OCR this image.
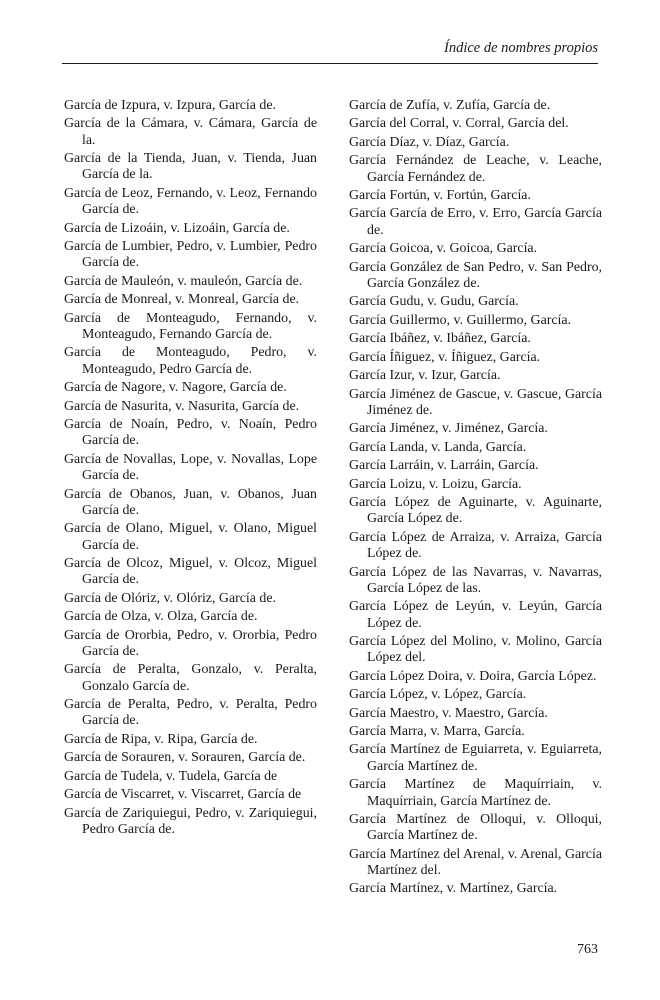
Índice de nombres propios

García de Izpura, v. Izpura, García de.

García de la Cámara, v. Cámara, García de la.

García de la Tienda, Juan, v. Tienda, Juan García de la.

García de Leoz, Fernando, v. Leoz, Fernando García de.

García de Lizoáin, v. Lizoáin, García de.

García de Lumbier, Pedro, v. Lumbier, Pedro García de.

García de Mauleón, v. mauleón, García de.

García de Monreal, v. Monreal, García de.

García de Monteagudo, Fernando, v. Monteagudo, Fernando García de.

García de Monteagudo, Pedro, v. Monteagudo, Pedro García de.

García de Nagore, v. Nagore, García de.

García de Nasurita, v. Nasurita, García de.

García de Noaín, Pedro, v. Noaín, Pedro García de.

García de Novallas, Lope, v. Novallas, Lope García de.

García de Obanos, Juan, v. Obanos, Juan García de.

García de Olano, Miguel, v. Olano, Miguel García de.

García de Olcoz, Miguel, v. Olcoz, Miguel García de.

García de Olóriz, v. Olóriz, García de.

García de Olza, v. Olza, García de.

García de Ororbia, Pedro, v. Ororbia, Pedro García de.

García de Peralta, Gonzalo, v. Peralta, Gonzalo García de.

García de Peralta, Pedro, v. Peralta, Pedro García de.

García de Ripa, v. Ripa, García de.

García de Sorauren, v. Sorauren, García de.

García de Tudela, v. Tudela, García de

García de Viscarret, v. Viscarret, García de

García de Zariquiegui, Pedro, v. Zariquiegui, Pedro García de.

García de Zufía, v. Zufía, García de.

García del Corral, v. Corral, García del.

García Díaz, v. Díaz, García.

García Fernández de Leache, v. Leache, García Fernández de.

García Fortún, v. Fortún, García.

García García de Erro, v. Erro, García García de.

García Goicoa, v. Goicoa, García.

García González de San Pedro, v. San Pedro, García González de.

García Gudu, v. Gudu, García.

García Guillermo, v. Guillermo, García.

García Ibáñez, v. Ibáñez, García.

García Íñiguez, v. Íñiguez, García.

García Izur, v. Izur, García.

García Jiménez de Gascue, v. Gascue, García Jiménez de.

García Jiménez, v. Jiménez, García.

García Landa, v. Landa, García.

García Larráin, v. Larráin, García.

García Loizu, v. Loizu, García.

García López de Aguinarte, v. Aguinarte, García López de.

García López de Arraiza, v. Arraiza, García López de.

García López de las Navarras, v. Navarras, García López de las.

García López de Leyún, v. Leyún, García López de.

García López del Molino, v. Molino, García López del.

García López Doira, v. Doira, García López.

García López, v. López, García.

García Maestro, v. Maestro, García.

García Marra, v. Marra, García.

García Martínez de Eguiarreta, v. Eguiarreta, García Martínez de.

García Martínez de Maquírriain, v. Maquírriain, García Martínez de.

García Martínez de Olloqui, v. Olloqui, García Martínez de.

García Martínez del Arenal, v. Arenal, García Martínez del.

García Martínez, v. Martínez, García.

763
